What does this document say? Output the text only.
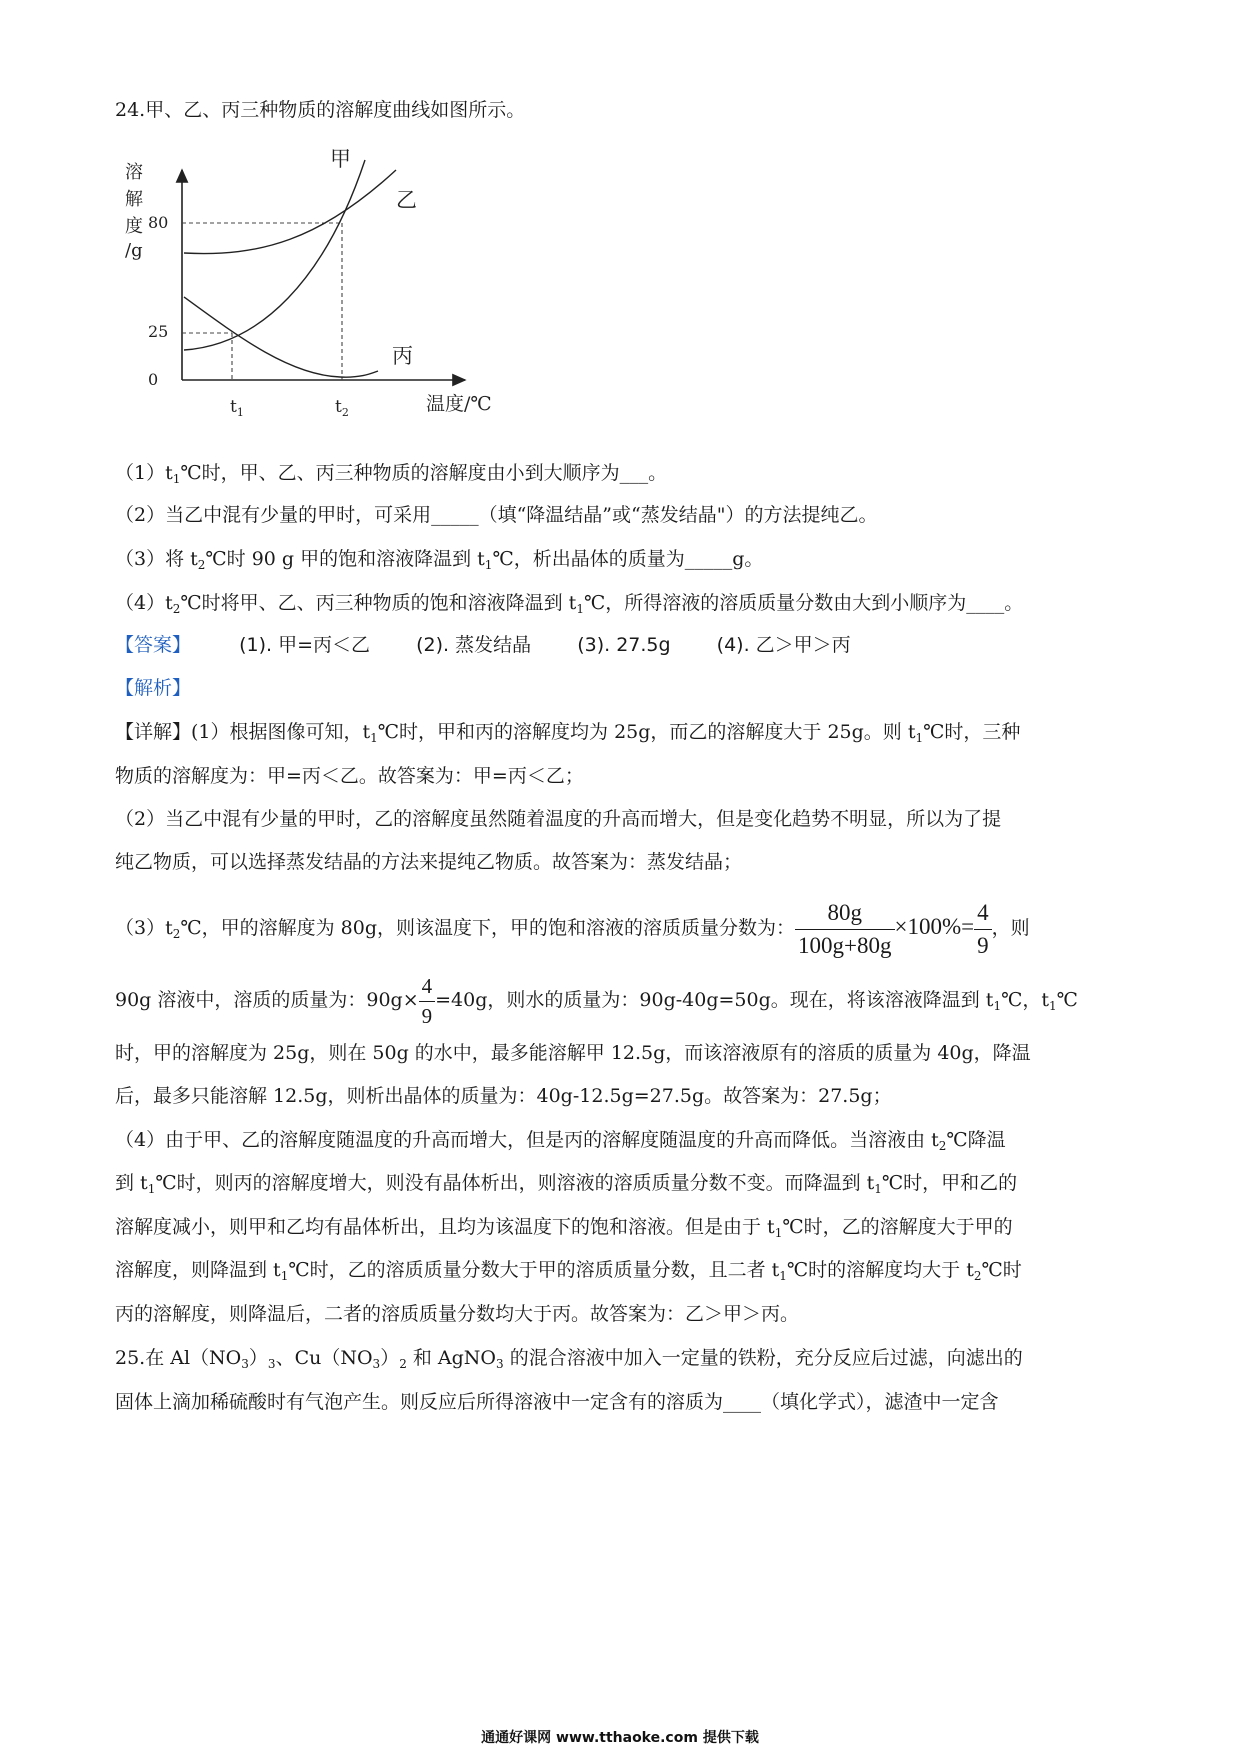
24.甲、乙、丙三种物质的溶解度曲线如图所示。
溶
解
度
/g
80
25
0
$t_1$	$t_2$	温度/℃
甲
乙
丙
$(1)t_1℃$时，甲、乙、丙三种物质的溶解度由小到大顺序为___。
（2）当乙中混有少量的甲时，可采用_____（填“降温结晶”或“蒸发结晶"）的方法提纯乙。
（3）将 $t_2℃$时 90 g 甲的饱和溶液降温到 $t_1℃$，析出晶体的质量为_____g。
$(4)t_2℃$时将甲、乙、丙三种物质的饱和溶液降温到 $t_1℃$，所得溶液的溶质质量分数由大到小顺序为____。
【答案】	(1). 甲=丙＜乙 (2). 蒸发结晶 (3). 27.5g (4). 乙＞甲＞丙
【解析】
【详解】(1）根据图像可知，$t_1℃$时，甲和丙的溶解度均为 25g，而乙的溶解度大于 25g。则 $t_1℃$时，三种
物质的溶解度为：甲=丙＜乙。故答案为：甲=丙＜乙；
（2）当乙中混有少量的甲时，乙的溶解度虽然随着温度的升高而增大，但是变化趋势不明显，所以为了提
纯乙物质，可以选择蒸发结晶的方法来提纯乙物质。故答案为：蒸发结晶；
$(3)t_2℃$，甲的溶解度为 80g，则该温度下，甲的饱和溶液的溶质质量分数为： $\frac{80g}{100g+80g} \times 100\%= \frac{4}{9}$ ，则
90g 溶液中，溶质的质量为：$90g\times \frac{4}{9} =40g$，则水的质量为：90g-40g=50g。现在，将该溶液降温到 $t_1℃$，$t_1℃$
时，甲的溶解度为 25g，则在 50g 的水中，最多能溶解甲 12.5g，而该溶液原有的溶质的质量为 40g，降温
后，最多只能溶解 12.5g，则析出晶体的质量为：40g-12.5g=27.5g。故答案为：27.5g；
（4）由于甲、乙的溶解度随温度的升高而增大，但是丙的溶解度随温度的升高而降低。当溶液由 $t_2℃$降温
到 $t_1℃$时，则丙的溶解度增大，则没有晶体析出，则溶液的溶质质量分数不变。而降温到 $t_1℃$时，甲和乙的
溶解度减小，则甲和乙均有晶体析出，且均为该温度下的饱和溶液。但是由于 $t_1℃$时，乙的溶解度大于甲的
溶解度，则降温到 $t_1℃$时，乙的溶质质量分数大于甲的溶质质量分数，且二者 $t_1℃$时的溶解度均大于 $t_2℃$时
丙的溶解度，则降温后，二者的溶质质量分数均大于丙。故答案为：乙＞甲＞丙。
25.在 $Al(NO_3)_3$、$Cu(NO_3)_2$ 和 AgNO$_3$ 的混合溶液中加入一定量的铁粉，充分反应后过滤，向滤出的
固体上滴加稀硫酸时有气泡产生。则反应后所得溶液中一定含有的溶质为____（填化学式），滤渣中一定含
通通好课网 www.tthaoke.com 提供下载
